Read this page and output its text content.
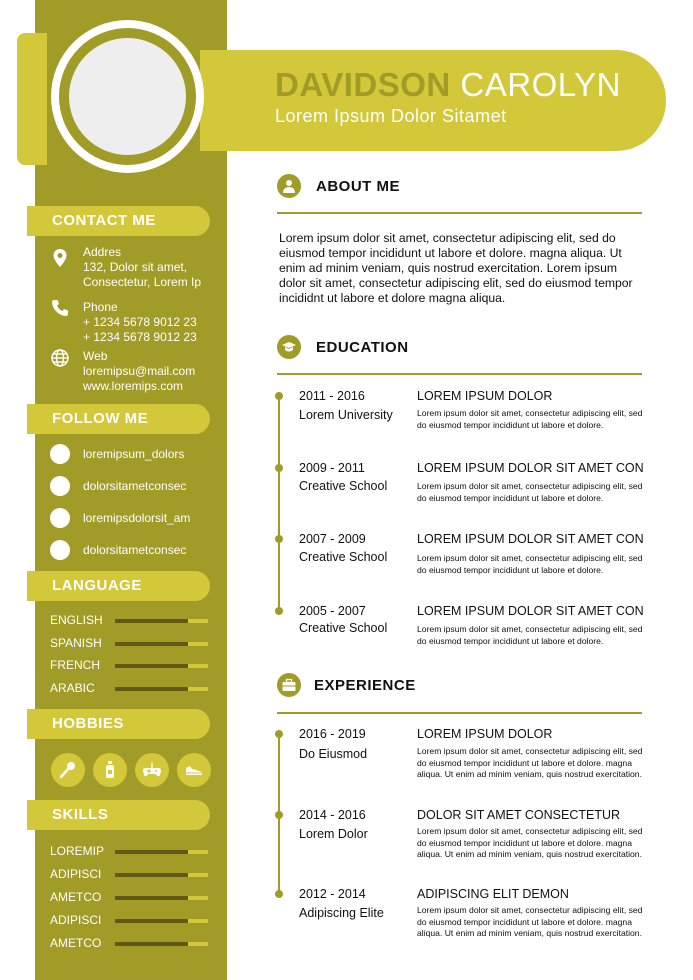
DAVIDSON CAROLYN
Lorem Ipsum Dolor Sitamet
CONTACT ME
Addres
132, Dolor sit amet,
Consectetur, Lorem Ip
Phone
+ 1234 5678 9012 23
+ 1234 5678 9012 23
Web
loremipsu@mail.com
www.loremips.com
FOLLOW ME
loremipsum_dolors
dolorsitametconsec
loremipsdolorsit_am
dolorsitametconsec
LANGUAGE
ENGLISH
SPANISH
FRENCH
ARABIC
HOBBIES
SKILLS
LOREMIP
ADIPISCI
AMETCO
ADIPISCI
AMETCO
ABOUT ME
Lorem ipsum dolor sit amet, consectetur adipiscing elit, sed do eiusmod tempor incididunt ut labore et dolore. magna aliqua. Ut enim ad minim veniam, quis nostrud exercitation. Lorem ipsum dolor sit amet, consectetur adipiscing elit, sed do eiusmod tempor incididnt ut labore et dolore magna aliqua.
EDUCATION
2011 - 2016
Lorem University
LOREM IPSUM DOLOR
Lorem ipsum dolor sit amet, consectetur adipiscing elit, sed do eiusmod tempor incididunt ut labore et dolore.
2009 - 2011
Creative School
LOREM IPSUM DOLOR SIT AMET CON
Lorem ipsum dolor sit amet, consectetur adipiscing elit, sed do eiusmod tempor incididunt ut labore et dolore.
2007 - 2009
Creative School
LOREM IPSUM DOLOR SIT AMET CON
Lorem ipsum dolor sit amet, consectetur adipiscing elit, sed do eiusmod tempor incididunt ut labore et dolore.
2005 - 2007
Creative School
LOREM IPSUM DOLOR SIT AMET CON
Lorem ipsum dolor sit amet, consectetur adipiscing elit, sed do eiusmod tempor incididunt ut labore et dolore.
EXPERIENCE
2016 - 2019
Do Eiusmod
LOREM IPSUM DOLOR
Lorem ipsum dolor sit amet, consectetur adipiscing elit, sed do eiusmod tempor incididunt ut labore et dolore. magna aliqua. Ut enim ad minim veniam, quis nostrud exercitation.
2014 - 2016
Lorem Dolor
DOLOR SIT AMET CONSECTETUR
Lorem ipsum dolor sit amet, consectetur adipiscing elit, sed do eiusmod tempor incididunt ut labore et dolore. magna aliqua. Ut enim ad minim veniam, quis nostrud exercitation.
2012 - 2014
Adipiscing Elite
ADIPISCING ELIT DEMON
Lorem ipsum dolor sit amet, consectetur adipiscing elit, sed do eiusmod tempor incididunt ut labore et dolore. magna aliqua. Ut enim ad minim veniam, quis nostrud exercitation.
